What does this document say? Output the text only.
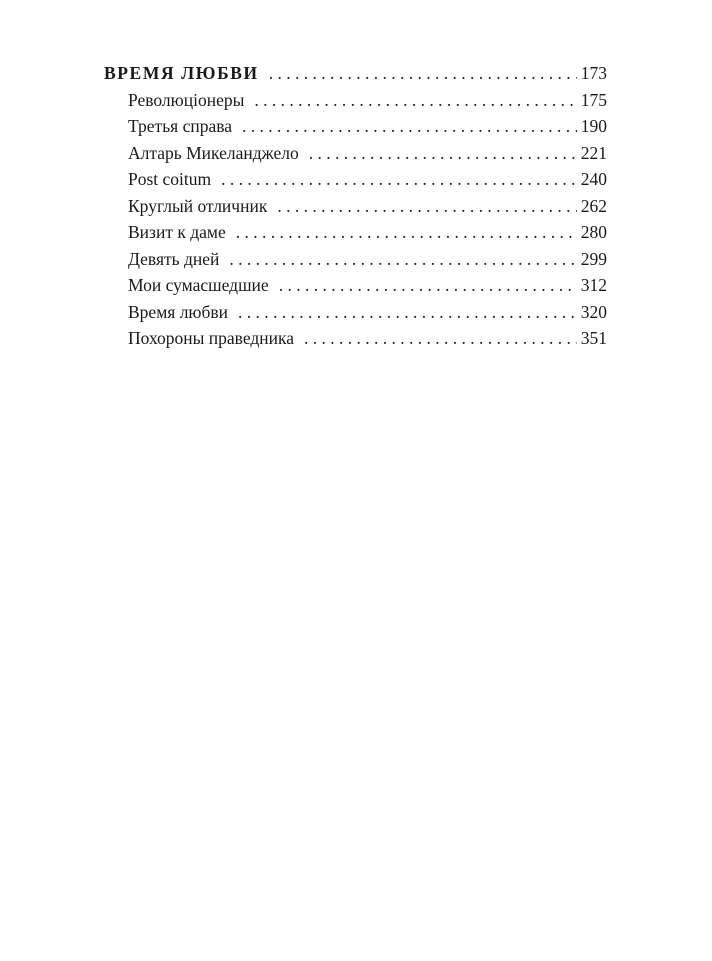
ВРЕМЯ ЛЮБВИ . . .	173
Революціонеры . . .	175
Третья справа . . .	190
Алтарь Микеланджело . . .	221
Post coitum . . .	240
Круглый отличник . . .	262
Визит к даме . . .	280
Девять дней . . .	299
Мои сумасшедшие . . .	312
Время любви . . .	320
Похороны праведника . . .	351
